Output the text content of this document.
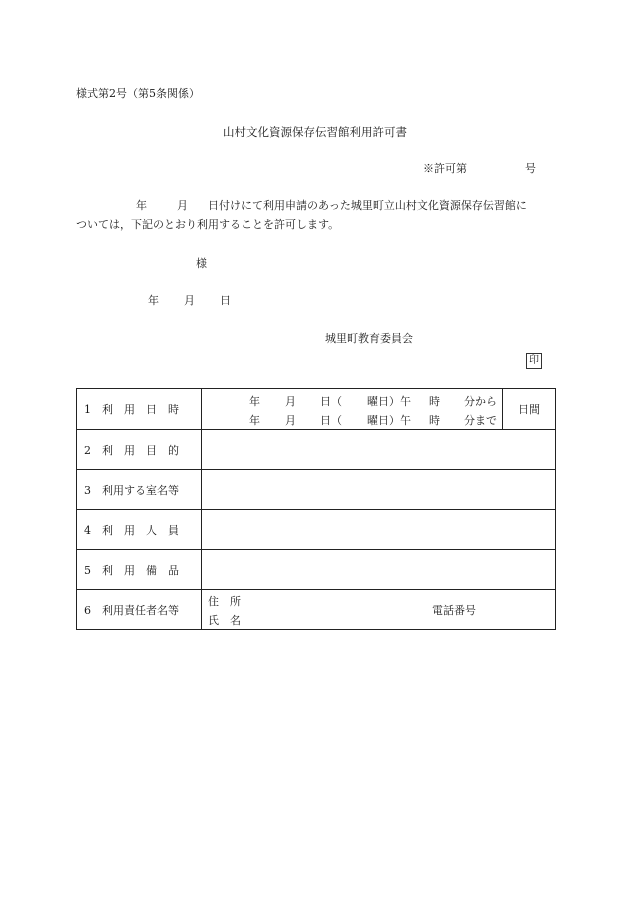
様式第2号（第5条関係）
山村文化資源保存伝習館利用許可書
※許可第	号
年	月 日付けにて利用申請のあった城里町立山村文化資源保存伝習館に
ついては，下記のとおり利用することを許可します。
様
年 月 日
城里町教育委員会
印
1　利　用　日　時	年 月 日（ 曜日）午 時 分から
年 月 日（ 曜日）午 時 分まで	日間
2　利　用　目　的		
3　利用する室名等		
4　利　用　人　員		
5　利　用　備　品		
6　利用責任者名等	住　所
氏　名
電話番号	
